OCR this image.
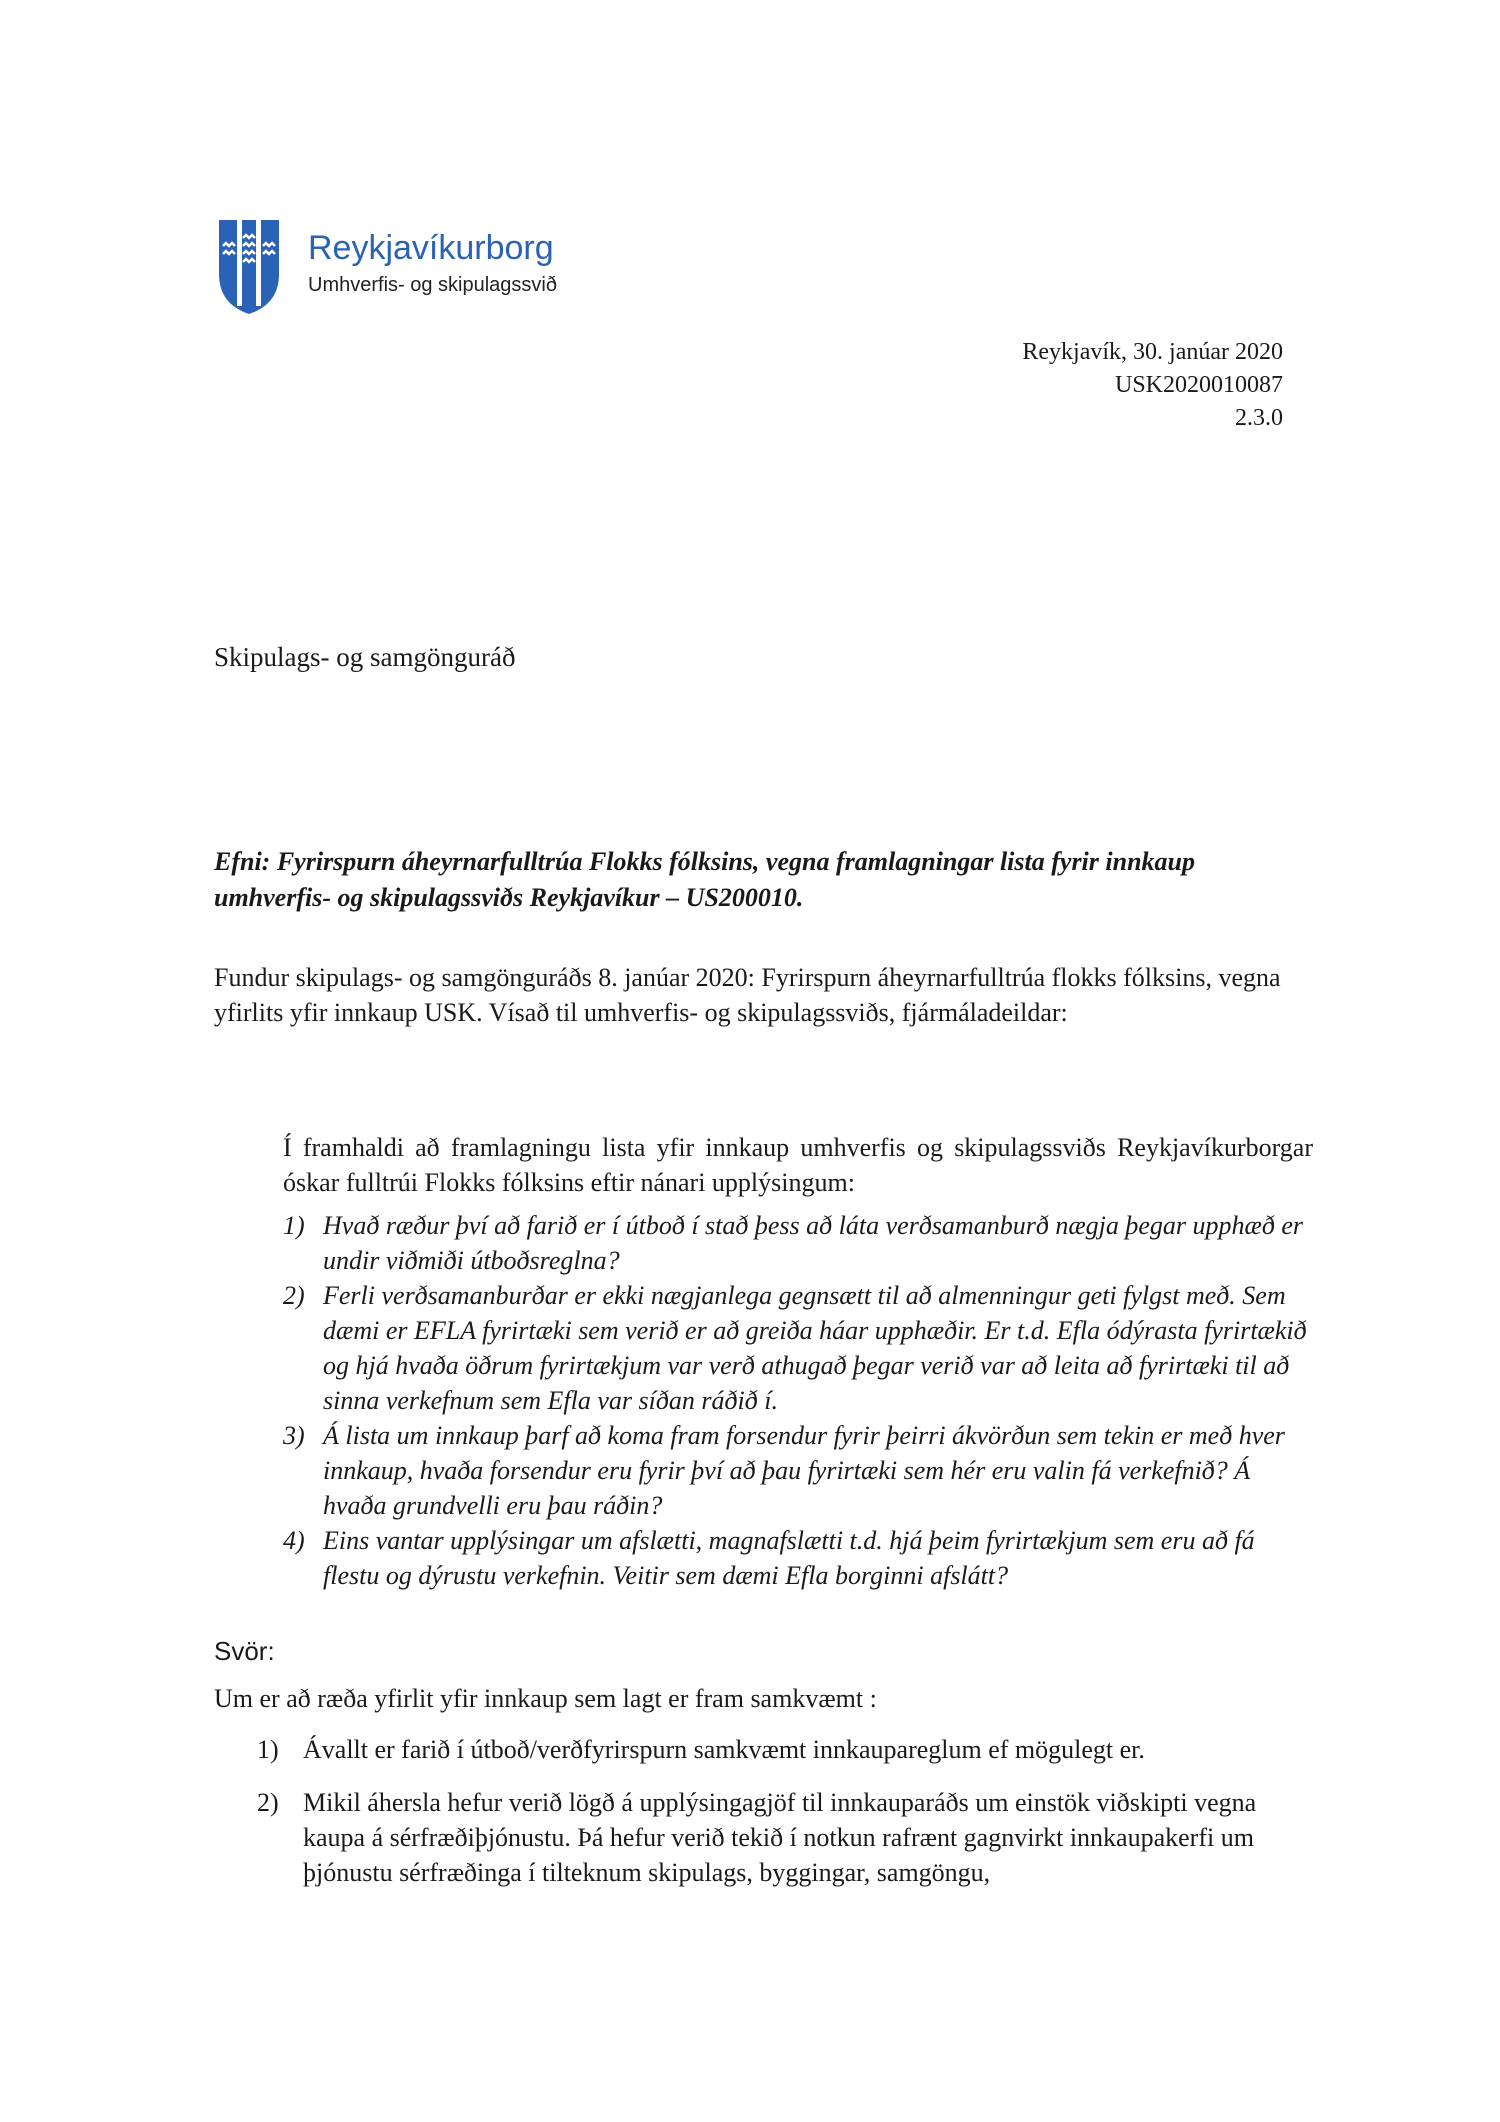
Reykjavíkurborg
Umhverfis- og skipulagssvið
Reykjavík, 30. janúar 2020
USK2020010087
2.3.0
Skipulags- og samgönguráð
Efni: Fyrirspurn áheyrnarfulltrúa Flokks fólksins, vegna framlagningar lista fyrir innkaup umhverfis- og skipulagssviðs Reykjavíkur – US200010.
Fundur skipulags- og samgönguráðs 8. janúar 2020: Fyrirspurn áheyrnarfulltrúa flokks fólksins, vegna yfirlits yfir innkaup USK. Vísað til umhverfis- og skipulagssviðs, fjármáladeildar:
Í framhaldi að framlagningu lista yfir innkaup umhverfis og skipulagssviðs Reykjavíkurborgar óskar fulltrúi Flokks fólksins eftir nánari upplýsingum:
1) Hvað ræður því að farið er í útboð í stað þess að láta verðsamanburð nægja þegar upphæð er undir viðmiði útboðsreglna?
2) Ferli verðsamanburðar er ekki nægjanlega gegnsætt til að almenningur geti fylgst með. Sem dæmi er EFLA fyrirtæki sem verið er að greiða háar upphæðir. Er t.d. Efla ódýrasta fyrirtækið og hjá hvaða öðrum fyrirtækjum var verð athugað þegar verið var að leita að fyrirtæki til að sinna verkefnum sem Efla var síðan ráðið í.
3) Á lista um innkaup þarf að koma fram forsendur fyrir þeirri ákvörðun sem tekin er með hver innkaup, hvaða forsendur eru fyrir því að þau fyrirtæki sem hér eru valin fá verkefnið? Á hvaða grundvelli eru þau ráðin?
4) Eins vantar upplýsingar um afslætti, magnafslætti t.d. hjá þeim fyrirtækjum sem eru að fá flestu og dýrustu verkefnin. Veitir sem dæmi Efla borginni afslátt?
Svör:
Um er að ræða yfirlit yfir innkaup sem lagt er fram samkvæmt :
1) Ávallt er farið í útboð/verðfyrirspurn samkvæmt innkaupareglum ef mögulegt er.
2) Mikil áhersla hefur verið lögð á upplýsingagjöf til innkauparáðs um einstök viðskipti vegna kaupa á sérfræðiþjónustu. Þá hefur verið tekið í notkun rafrænt gagnvirkt innkaupakerfi um þjónustu sérfræðinga í tilteknum skipulags, byggingar, samgöngu,
